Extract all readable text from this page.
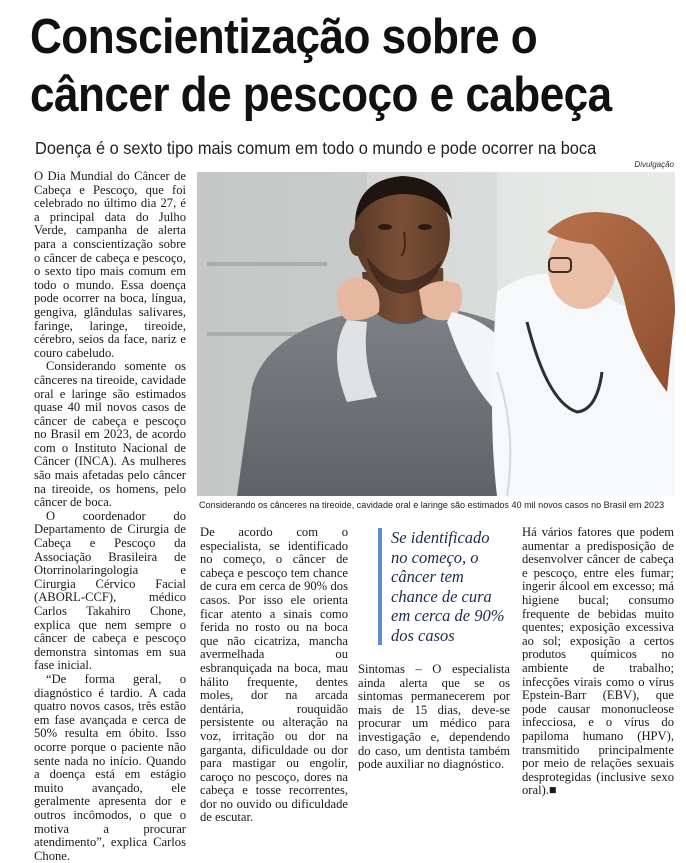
Conscientização sobre o
câncer de pescoço e cabeça
Doença é o sexto tipo mais comum em todo o mundo e pode ocorrer na boca
Divulgação
Considerando os cânceres na tireoide, cavidade oral e laringe são estimados 40 mil novos casos no Brasil em 2023

O Dia Mundial do Câncer de Cabeça e Pescoço, que foi celebrado no último dia 27, é a principal data do Julho Verde, campanha de alerta para a conscientização sobre o câncer de cabeça e pescoço, o sexto tipo mais comum em todo o mundo. Essa doença pode ocorrer na boca, língua, gengiva, glândulas salivares, faringe, laringe, tireoide, cérebro, seios da face, nariz e couro cabeludo.

Considerando somente os cânceres na tireoide, cavidade oral e laringe são estimados quase 40 mil novos casos de câncer de cabeça e pescoço no Brasil em 2023, de acordo com o Instituto Nacional de Câncer (INCA). As mulheres são mais afetadas pelo câncer na tireoide, os homens, pelo câncer de boca.

O coordenador do Departamento de Cirurgia de Cabeça e Pescoço da Associação Brasileira de Otorrinolaringologia e Cirurgia Cérvico Facial (ABORL-CCF), médico Carlos Takahiro Chone, explica que nem sempre o câncer de cabeça e pescoço demonstra sintomas em sua fase inicial.

“De forma geral, o diagnóstico é tardio. A cada quatro novos casos, três estão em fase avançada e cerca de 50% resulta em óbito. Isso ocorre porque o paciente não sente nada no início. Quando a doença está em estágio muito avançado, ele geralmente apresenta dor e outros incômodos, o que o motiva a procurar atendimento”, explica Carlos Chone.

De acordo com o especialista, se identificado no começo, o câncer de cabeça e pescoço tem chance de cura em cerca de 90% dos casos. Por isso ele orienta ficar atento a sinais como ferida no rosto ou na boca que não cicatriza, mancha avermelhada ou esbranquiçada na boca, mau hálito frequente, dentes moles, dor na arcada dentária, rouquidão persistente ou alteração na voz, irritação ou dor na garganta, dificuldade ou dor para mastigar ou engolir, caroço no pescoço, dores na cabeça e tosse recorrentes, dor no ouvido ou dificuldade de escutar.

Se identificado no começo, o câncer tem chance de cura em cerca de 90% dos casos

Sintomas – O especialista ainda alerta que se os sintomas permanecerem por mais de 15 dias, deve-se procurar um médico para investigação e, dependendo do caso, um dentista também pode auxiliar no diagnóstico.

Há vários fatores que podem aumentar a predisposição de desenvolver câncer de cabeça e pescoço, entre eles fumar; ingerir álcool em excesso; má higiene bucal; consumo frequente de bebidas muito quentes; exposição excessiva ao sol; exposição a certos produtos químicos no ambiente de trabalho; infecções virais como o vírus Epstein-Barr (EBV), que pode causar mononucleose infecciosa, e o vírus do papiloma humano (HPV), transmitido principalmente por meio de relações sexuais desprotegidas (inclusive sexo oral).■
